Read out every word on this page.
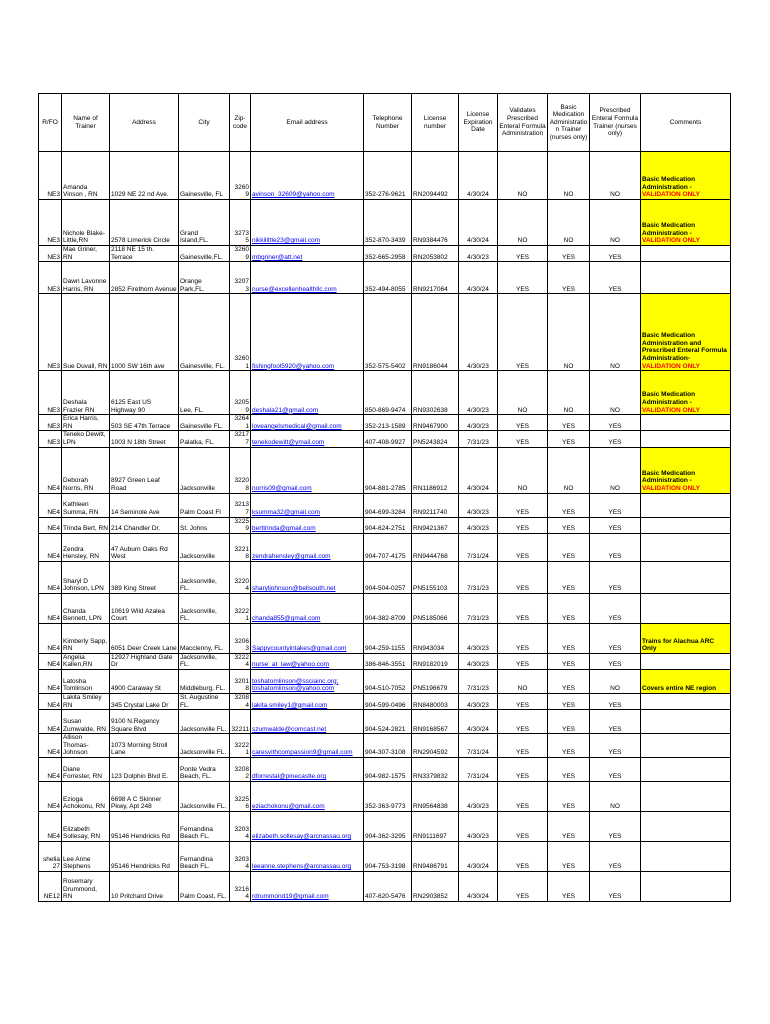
R/FO	Name of Trainer	Address	City	Zip-code	Email address	Telephone Number	License number	License Expiration Date	Validates Prescribed Enteral Formula Administration	Basic Medication Administration Trainer (nurses only)	Prescribed Enteral Formula Trainer (nurses only)	Comments
NE3	Amanda Vinson , RN	1029 NE 22 nd Ave.	Gainesville, FL	32609	avinson_32609@yahoo.com	352-276-9621	RN2094492	4/30/24	NO	NO	NO	Basic Medication Administration -
VALIDATION ONLY
NE3	Nichole Blake-Little,RN	2578 Limerick Circle	Grand Island,FL.	32735	nikkilittle23@gmail.com	352-870-3439	RN9384476	4/30/24	NO	NO	NO	Basic Medication Administration -
VALIDATION ONLY
NE3	Mae Griner, RN	2118 NE 15 th. Terrace	Gainesville,FL.	32609	mbgriner@att.net	352-665-2958	RN2053802	4/30/23	YES	YES	YES	
NE3	Dawn Lavonne Harris, RN	2852 Firethorn Avenue	Orange Park,FL.	32073	nurse@excellenhealthllc.com	352-494-8055	RN9217064	4/30/24	YES	YES	YES	
NE3	Sue Duvall, RN	1000 SW 16th ave	Gainesville, FL.	32601	fishingfool5920@yahoo.com	352-575-5402	RN9186044	4/30/23	YES	NO	NO	Basic Medication Administration and Prescribed Enteral Formula Administration-
VALIDATION ONLY
NE3	Deshala Frazier RN	6125 East US Highway 90	Lee, FL.	32059	deshala21@gmail.com	850-869-9474	RN9302638	4/30/23	NO	NO	NO	Basic Medication Administration -
VALIDATION ONLY
NE3	Erica Harris, RN	503 SE 47th Terrace	Gainesville FL.	32641	loveangelsmedical@gmail.com	352-213-1589	RN9467900	4/30/23	YES	YES	YES	
NE3	Teneko Dewitt, LPN	1003 N 18th Street	Palatka, FL.	32177	tenekodewitt@ymail.com	407-408-9927	PN5243824	7/31/23	YES	YES	YES	
NE4	Deborah Norris, RN	8927 Green Leaf Road	Jacksonville	32208	norris09@gmail.com	904-881-2785	RN1186912	4/30/24	NO	NO	NO	Basic Medication Administration -
VALIDATION ONLY
NE4	Kathleen Summa, RN	14 Seminole Ave	Palm Coast Fl	32137	ksumma32@gmail.com	904-699-3284	RN9211740	4/30/23	YES	YES	YES	
NE4	Trinda Bert, RN	214 Chandler Dr.	St. Johns	32259	berttrinda@gmail.com	904-624-2751	RN9421367	4/30/23	YES	YES	YES	
NE4	Zendra Hensley, RN	47 Auburn Oaks Rd West	Jacksonville	32218	zendrahensley@gmail.com	904-707-4175	RN9444768	7/31/24	YES	YES	YES	
NE4	Sharyl D Johnson, LPN	389 King Street	Jacksonville, FL.	32204	sharyljohnson@bellsouth.net	904-504-0257	PN5155103	7/31/23	YES	YES	YES	
NE4	Chanda Bennett, LPN	10619 Wild Azalea Court	Jacksonville, FL.	32221	chanda855@gmail.com	904-382-8709	PN5185066	7/31/23	YES	YES	YES	
NE4	Kimberly Sapp, RN	6051 Deer Creek Lane	Macclenny, FL.	32063	Sappycountyintakes@gmail.com	904-259-1155	RN943034	4/30/23	YES	YES	YES	Trains for Alachua ARC Only
NE4	Angelia Kallen,RN	12927 Highland Gate Dr	Jacksonville, FL.	32224	nurse_at_law@yahoo.com	386-846-3551	RN9182019	4/30/23	YES	YES	YES	
NE4	Latosha Tomlinson	4900 Caraway St	Middleburg, FL.	32018	toshatomlinson@ssciainc.org;
toshatomlinson@yahoo.com	904-510-7052	PN5196679	7/31/23	NO	YES	NO	Covers entire NE region
NE4	Lakita Smiley RN	345 Crystal Lake Dr	St. Augustine FL.	32084	lakita.smiley1@gmail.com	904-599-0496	RN8480003	4/30/23	YES	YES	YES	
NE4	Susan Zumwalde, RN	9100 N.Regency Square Blvd	Jacksonville FL.	32211	szumwalde@comcast.net	904-524-2821	RN9168567	4/30/24	YES	YES	YES	
NE4	Allison Thomas-Johnson	1073 Morning Stroll Lane	Jacksonville FL.	32221	caresvithcompassion9@gmail.com	904-307-3108	RN2904592	7/31/24	YES	YES	YES	
NE4	Diane Forrester, RN	123 Dolphin Blvd E.	Ponte Vedra Beach, FL.	32082	dforrestal@pinecastle.org	904-982-1575	RN3379832	7/31/24	YES	YES	YES	
NE4	Ezioga Achokonu, RN	6698 A C Skinner Pkwy, Apt 248	Jacksonville FL.	32256	eziachokonu@gmail.com	352-363-9773	RN9564838	4/30/23	YES	YES	NO	
NE4	Elizabeth Sollesay, RN	95146 Hendricks Rd	Fernandina Beach FL.	32034	elizabeth.sollesay@arcnassau.org	904-362-3295	RN9111697	4/30/23	YES	YES	YES	
shelia27	Lee Anne Stephens	95146 Hendricks Rd	Fernandina Beach FL.	32034	leeanne.stephens@arcnassau.org	904-753-3198	RN9486791	4/30/24	YES	YES	YES	
NE12	Rosemary Drummond, RN	10 Pritchard Drive	Palm Coast, FL.	32164	rdrummond19@gmail.com	407-620-5476	RN2903852	4/30/24	YES	YES	YES	
